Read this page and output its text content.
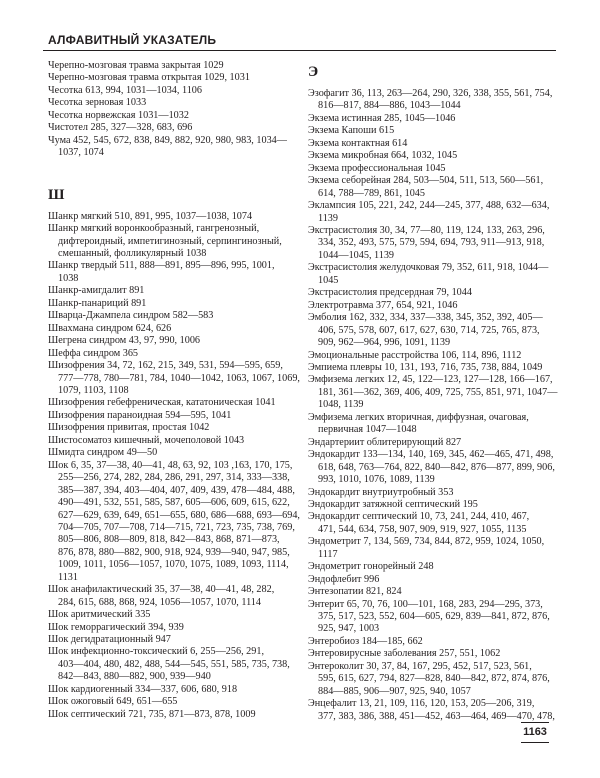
АЛФАВИТНЫЙ УКАЗАТЕЛЬ
Черепно-мозговая травма закрытая 1029
Черепно-мозговая травма открытая 1029, 1031
Чесотка 613, 994, 1031—1034, 1106
Чесотка зерновая 1033
Чесотка норвежская 1031—1032
Чистотел 285, 327—328, 683, 696
Чума 452, 545, 672, 838, 849, 882, 920, 980, 983, 1034—
1037, 1074
Ш
Шанкр мягкий 510, 891, 995, 1037—1038, 1074
Шанкр мягкий воронкообразный, гангренозный,
дифтероидный, импетигинозный, серпингинозный,
смешанный, фолликулярный 1038
Шанкр твердый 511, 888—891, 895—896, 995, 1001,
1038
Шанкр-амигдалит 891
Шанкр-панариций 891
Шварца-Джампела синдром 582—583
Швахмана синдром 624, 626
Шегрена синдром 43, 97, 990, 1006
Шеффа синдром 365
Шизофрения 34, 72, 162, 215, 349, 531, 594—595, 659,
777—778, 780—781, 784, 1040—1042, 1063, 1067, 1069,
1079, 1103, 1108
Шизофрения гебефреническая, кататоническая 1041
Шизофрения параноидная 594—595, 1041
Шизофрения привитая, простая 1042
Шистосоматоз кишечный, мочеполовой 1043
Шмидта синдром 49—50
Шок 6, 35, 37—38, 40—41, 48, 63, 92, 103 ,163, 170, 175,
255—256, 274, 282, 284, 286, 291, 297, 314, 333—338,
385—387, 394, 403—404, 407, 409, 439, 478—484, 488,
490—491, 532, 551, 585, 587, 605—606, 609, 615, 622,
627—629, 639, 649, 651—655, 680, 686—688, 693—694,
704—705, 707—708, 714—715, 721, 723, 735, 738, 769,
805—806, 808—809, 818, 842—843, 868, 871—873,
876, 878, 880—882, 900, 918, 924, 939—940, 947, 985,
1009, 1011, 1056—1057, 1070, 1075, 1089, 1093, 1114,
1131
Шок анафилактический 35, 37—38, 40—41, 48, 282,
284, 615, 688, 868, 924, 1056—1057, 1070, 1114
Шок аритмический 335
Шок геморрагический 394, 939
Шок дегидратационный 947
Шок инфекционно-токсический 6, 255—256, 291,
403—404, 480, 482, 488, 544—545, 551, 585, 735, 738,
842—843, 880—882, 900, 939—940
Шок кардиогенный 334—337, 606, 680, 918
Шок ожоговый 649, 651—655
Шок септический 721, 735, 871—873, 878, 1009
Э
Эзофагит 36, 113, 263—264, 290, 326, 338, 355, 561, 754,
816—817, 884—886, 1043—1044
Экзема истинная 285, 1045—1046
Экзема Капоши 615
Экзема контактная 614
Экзема микробная 664, 1032, 1045
Экзема профессиональная 1045
Экзема себорейная 284, 503—504, 511, 513, 560—561,
614, 788—789, 861, 1045
Эклампсия 105, 221, 242, 244—245, 377, 488, 632—634,
1139
Экстрасистолия 30, 34, 77—80, 119, 124, 133, 263, 296,
334, 352, 493, 575, 579, 594, 694, 793, 911—913, 918,
1044—1045, 1139
Экстрасистолия желудочковая 79, 352, 611, 918, 1044—
1045
Экстрасистолия предсердная 79, 1044
Электротравма 377, 654, 921, 1046
Эмболия 162, 332, 334, 337—338, 345, 352, 392, 405—
406, 575, 578, 607, 617, 627, 630, 714, 725, 765, 873,
909, 962—964, 996, 1091, 1139
Эмоциональные расстройства 106, 114, 896, 1112
Эмпиема плевры 10, 131, 193, 716, 735, 738, 884, 1049
Эмфизема легких 12, 45, 122—123, 127—128, 166—167,
181, 361—362, 369, 406, 409, 725, 755, 851, 971, 1047—
1048, 1139
Эмфизема легких вторичная, диффузная, очаговая,
первичная 1047—1048
Эндартериит облитерирующий 827
Эндокардит 133—134, 140, 169, 345, 462—465, 471, 498,
618, 648, 763—764, 822, 840—842, 876—877, 899, 906,
993, 1010, 1076, 1089, 1139
Эндокардит внутриутробный 353
Эндокардит затяжной септический 195
Эндокардит септический 10, 73, 241, 244, 410, 467,
471, 544, 634, 758, 907, 909, 919, 927, 1055, 1135
Эндометрит 7, 134, 569, 734, 844, 872, 959, 1024, 1050,
1117
Эндометрит гонорейный 248
Эндофлебит 996
Энтезопатии 821, 824
Энтерит 65, 70, 76, 100—101, 168, 283, 294—295, 373,
375, 517, 523, 552, 604—605, 629, 839—841, 872, 876,
925, 947, 1003
Энтеробиоз 184—185, 662
Энтеровирусные заболевания 257, 551, 1062
Энтероколит 30, 37, 84, 167, 295, 452, 517, 523, 561,
595, 615, 627, 794, 827—828, 840—842, 872, 874, 876,
884—885, 906—907, 925, 940, 1057
Энцефалит 13, 21, 109, 116, 120, 153, 205—206, 319,
377, 383, 386, 388, 451—452, 463—464, 469—470, 478,
1163
